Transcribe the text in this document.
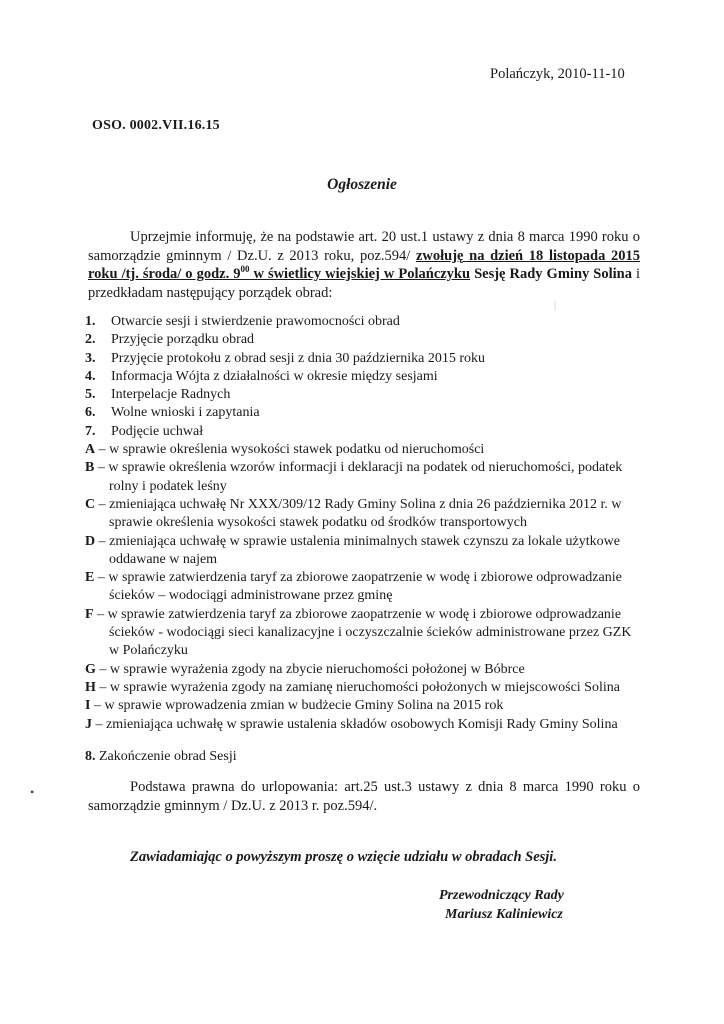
Polańczyk, 2010-11-10
OSO. 0002.VII.16.15
Ogłoszenie
Uprzejmie informuję, że na podstawie art. 20 ust.1 ustawy z dnia 8 marca 1990 roku o samorządzie gminnym / Dz.U. z 2013 roku, poz.594/ zwołuję na dzień 18 listopada 2015 roku /tj. środa/ o godz. $9^{00}$ w świetlicy wiejskiej w Polańczyku Sesję Rady Gminy Solina i przedkładam następujący porządek obrad:
|
1. Otwarcie sesji i stwierdzenie prawomocności obrad
2. Przyjęcie porządku obrad
3. Przyjęcie protokołu z obrad sesji z dnia 30 października 2015 roku
4. Informacja Wójta z działalności w okresie między sesjami
5. Interpelacje Radnych
6. Wolne wnioski i zapytania
7. Podjęcie uchwał
A – w sprawie określenia wysokości stawek podatku od nieruchomości
B – w sprawie określenia wzorów informacji i deklaracji na podatek od nieruchomości, podatek rolny i podatek leśny
C – zmieniająca uchwałę Nr XXX/309/12 Rady Gminy Solina z dnia 26 października 2012 r. w sprawie określenia wysokości stawek podatku od środków transportowych
D – zmieniająca uchwałę w sprawie ustalenia minimalnych stawek czynszu za lokale użytkowe oddawane w najem
E – w sprawie zatwierdzenia taryf za zbiorowe zaopatrzenie w wodę i zbiorowe odprowadzanie ścieków – wodociągi administrowane przez gminę
F – w sprawie zatwierdzenia taryf za zbiorowe zaopatrzenie w wodę i zbiorowe odprowadzanie ścieków - wodociągi sieci kanalizacyjne i oczyszczalnie ścieków administrowane przez GZK w Polańczyku
G – w sprawie wyrażenia zgody na zbycie nieruchomości położonej w Bóbrce
H – w sprawie wyrażenia zgody na zamianę nieruchomości położonych w miejscowości Solina
I – w sprawie wprowadzenia zmian w budżecie Gminy Solina na 2015 rok
J – zmieniająca uchwałę w sprawie ustalenia składów osobowych Komisji Rady Gminy Solina
8. Zakończenie obrad Sesji
•	Podstawa prawna do urlopowania: art.25 ust.3 ustawy z dnia 8 marca 1990 roku o samorządzie gminnym / Dz.U. z 2013 r. poz.594/.
Zawiadamiając o powyższym proszę o wzięcie udziału w obradach Sesji.
Przewodniczący Rady
Mariusz Kaliniewicz
